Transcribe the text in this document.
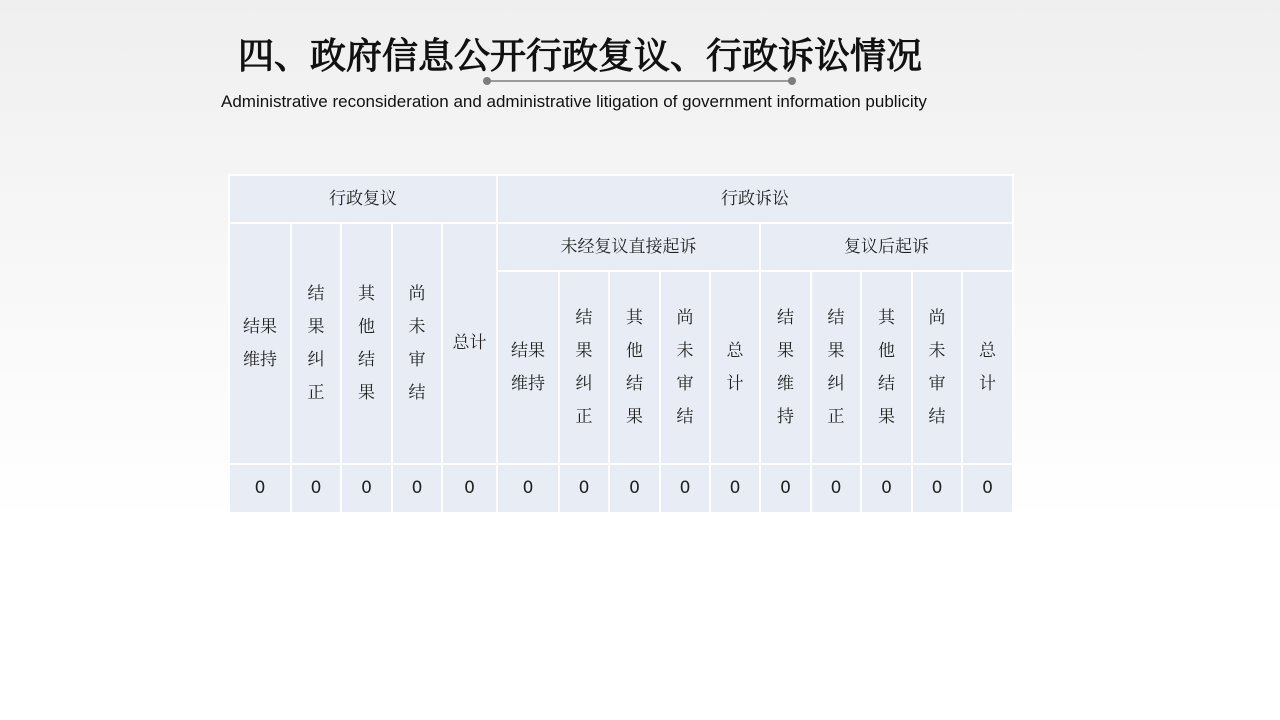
四、政府信息公开行政复议、行政诉讼情况
Administrative reconsideration and administrative litigation of government information publicity
行政复议					行政诉讼									
结果维持	结果纠正	其他结果	尚未审结	总计	未经复议直接起诉					复议后起诉				
					结果维持	结果纠正	其他结果	尚未审结	总计	结果维持	结果纠正	其他结果	尚未审结	总计
0	0	0	0	0	0	0	0	0	0	0	0	0	0	0
